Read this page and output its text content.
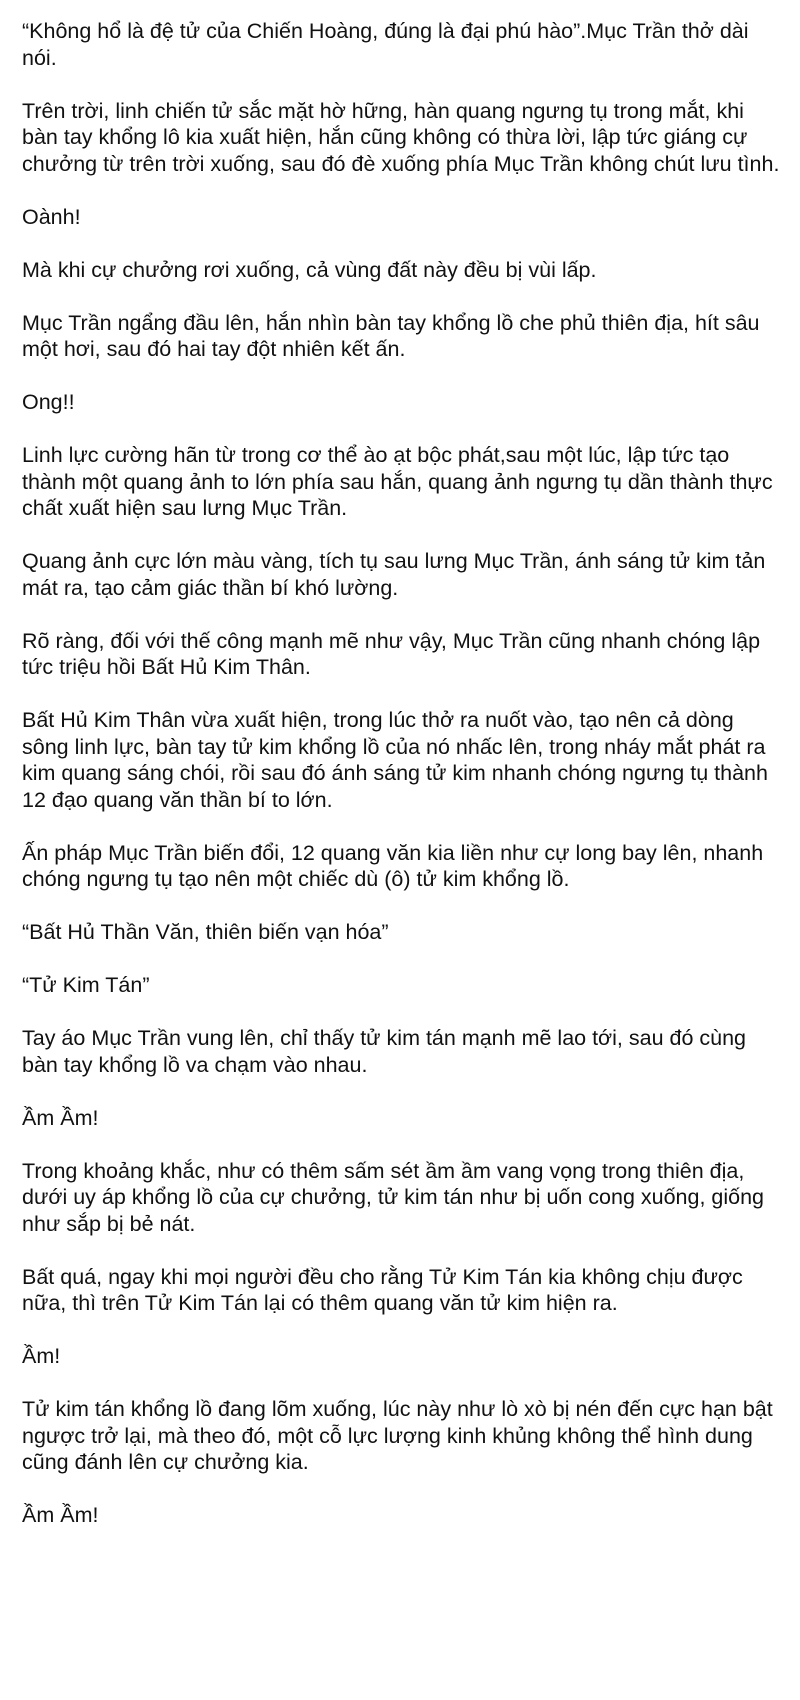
“Không hổ là đệ tử của Chiến Hoàng, đúng là đại phú hào”.Mục Trần thở dài nói.

Trên trời, linh chiến tử sắc mặt hờ hững, hàn quang ngưng tụ trong mắt, khi bàn tay khổng lô kia xuất hiện, hắn cũng không có thừa lời, lập tức giáng cự chưởng từ trên trời xuống, sau đó đè xuống phía Mục Trần không chút lưu tình.

Oành!

Mà khi cự chưởng rơi xuống, cả vùng đất này đều bị vùi lấp.

Mục Trần ngẩng đầu lên, hắn nhìn bàn tay khổng lồ che phủ thiên địa, hít sâu một hơi, sau đó hai tay đột nhiên kết ấn.

Ong!!

Linh lực cường hãn từ trong cơ thể ào ạt bộc phát,sau một lúc, lập tức tạo thành một quang ảnh to lớn phía sau hắn, quang ảnh ngưng tụ dần thành thực chất xuất hiện sau lưng Mục Trần.

Quang ảnh cực lớn màu vàng, tích tụ sau lưng Mục Trần, ánh sáng tử kim tản mát ra, tạo cảm giác thần bí khó lường.

Rõ ràng, đối với thế công mạnh mẽ như vậy, Mục Trần cũng nhanh chóng lập tức triệu hồi Bất Hủ Kim Thân.

Bất Hủ Kim Thân vừa xuất hiện, trong lúc thở ra nuốt vào, tạo nên cả dòng sông linh lực, bàn tay tử kim khổng lồ của nó nhấc lên, trong nháy mắt phát ra kim quang sáng chói, rồi sau đó ánh sáng tử kim nhanh chóng ngưng tụ thành 12 đạo quang văn thần bí to lớn.

Ấn pháp Mục Trần biến đổi, 12 quang văn kia liền như cự long bay lên, nhanh chóng ngưng tụ tạo nên một chiếc dù (ô) tử kim khổng lồ.

“Bất Hủ Thần Văn, thiên biến vạn hóa”

“Tử Kim Tán”

Tay áo Mục Trần vung lên, chỉ thấy tử kim tán mạnh mẽ lao tới, sau đó cùng bàn tay khổng lồ va chạm vào nhau.

Ầm Ầm!

Trong khoảng khắc, như có thêm sấm sét ầm ầm vang vọng trong thiên địa, dưới uy áp khổng lồ của cự chưởng, tử kim tán như bị uốn cong xuống, giống như sắp bị bẻ nát.

Bất quá, ngay khi mọi người đều cho rằng Tử Kim Tán kia không chịu được nữa, thì trên Tử Kim Tán lại có thêm quang văn tử kim hiện ra.

Ầm!

Tử kim tán khổng lồ đang lõm xuống, lúc này như lò xò bị nén đến cực hạn bật ngược trở lại, mà theo đó, một cỗ lực lượng kinh khủng không thể hình dung cũng đánh lên cự chưởng kia.

Ầm Ầm!
